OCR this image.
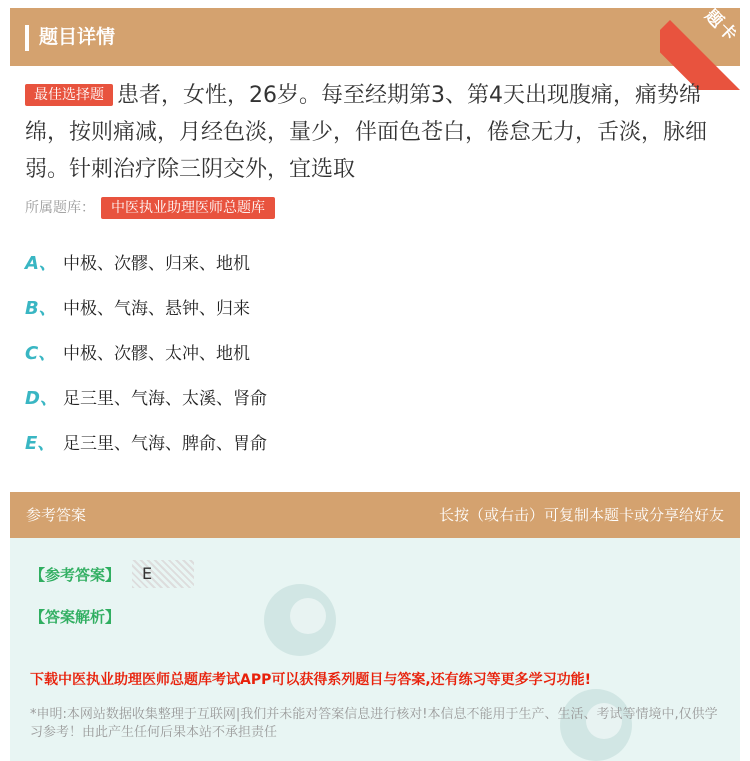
题目详情	题卡
最佳选择题 患者，女性，26岁。每至经期第3、第4天出现腹痛，痛势绵绵，按则痛减，月经色淡，量少，伴面色苍白，倦怠无力，舌淡，脉细弱。针刺治疗除三阴交外，宜选取
所属题库： 中医执业助理医师总题库
A、 中极、次髎、归来、地机
B、 中极、气海、悬钟、归来
C、 中极、次髎、太冲、地机
D、 足三里、气海、太溪、肾俞
E、 足三里、气海、脾俞、胃俞
参考答案	长按（或右击）可复制本题卡或分享给好友
【参考答案】	E
【答案解析】
下载中医执业助理医师总题库考试APP可以获得系列题目与答案,还有练习等更多学习功能!
*申明:本网站数据收集整理于互联网|我们并未能对答案信息进行核对!本信息不能用于生产、生活、考试等情境中,仅供学习参考！由此产生任何后果本站不承担责任
